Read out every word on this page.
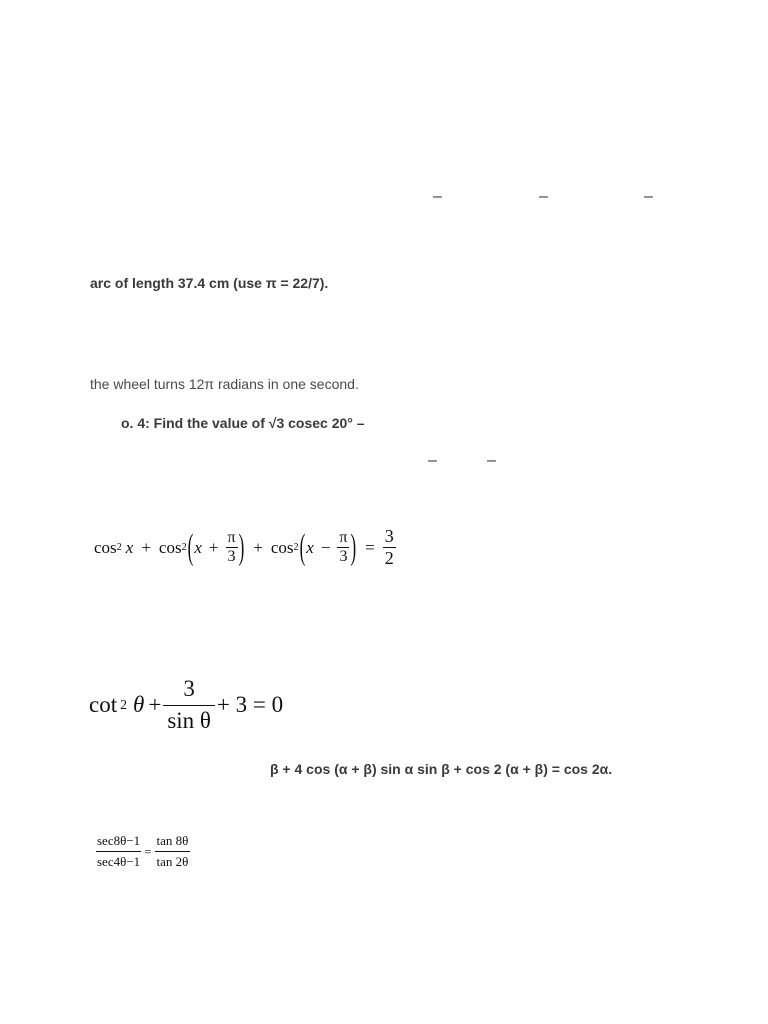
–	–	–
arc of length 37.4 cm (use π = 22/7).
the wheel turns 12π radians in one second.
o. 4: Find the value of √3 cosec 20° –
–	–
cos 2 x + cos 2 ( $x + \frac{\pi}{3}$ ) + cos 2 ( $x - \frac{\pi}{3}$ ) = $\frac{3}{2}$
cot 2 $\theta + \frac{3}{\text{sin θ}} + 3 = 0$
β + 4 cos (α + β) sin α sin β + cos 2 (α + β) = cos 2α.
$\frac{\sec 8\theta-1}{\sec 4\theta-1} = \frac{\tan 8\theta}{\tan 2\theta}$
